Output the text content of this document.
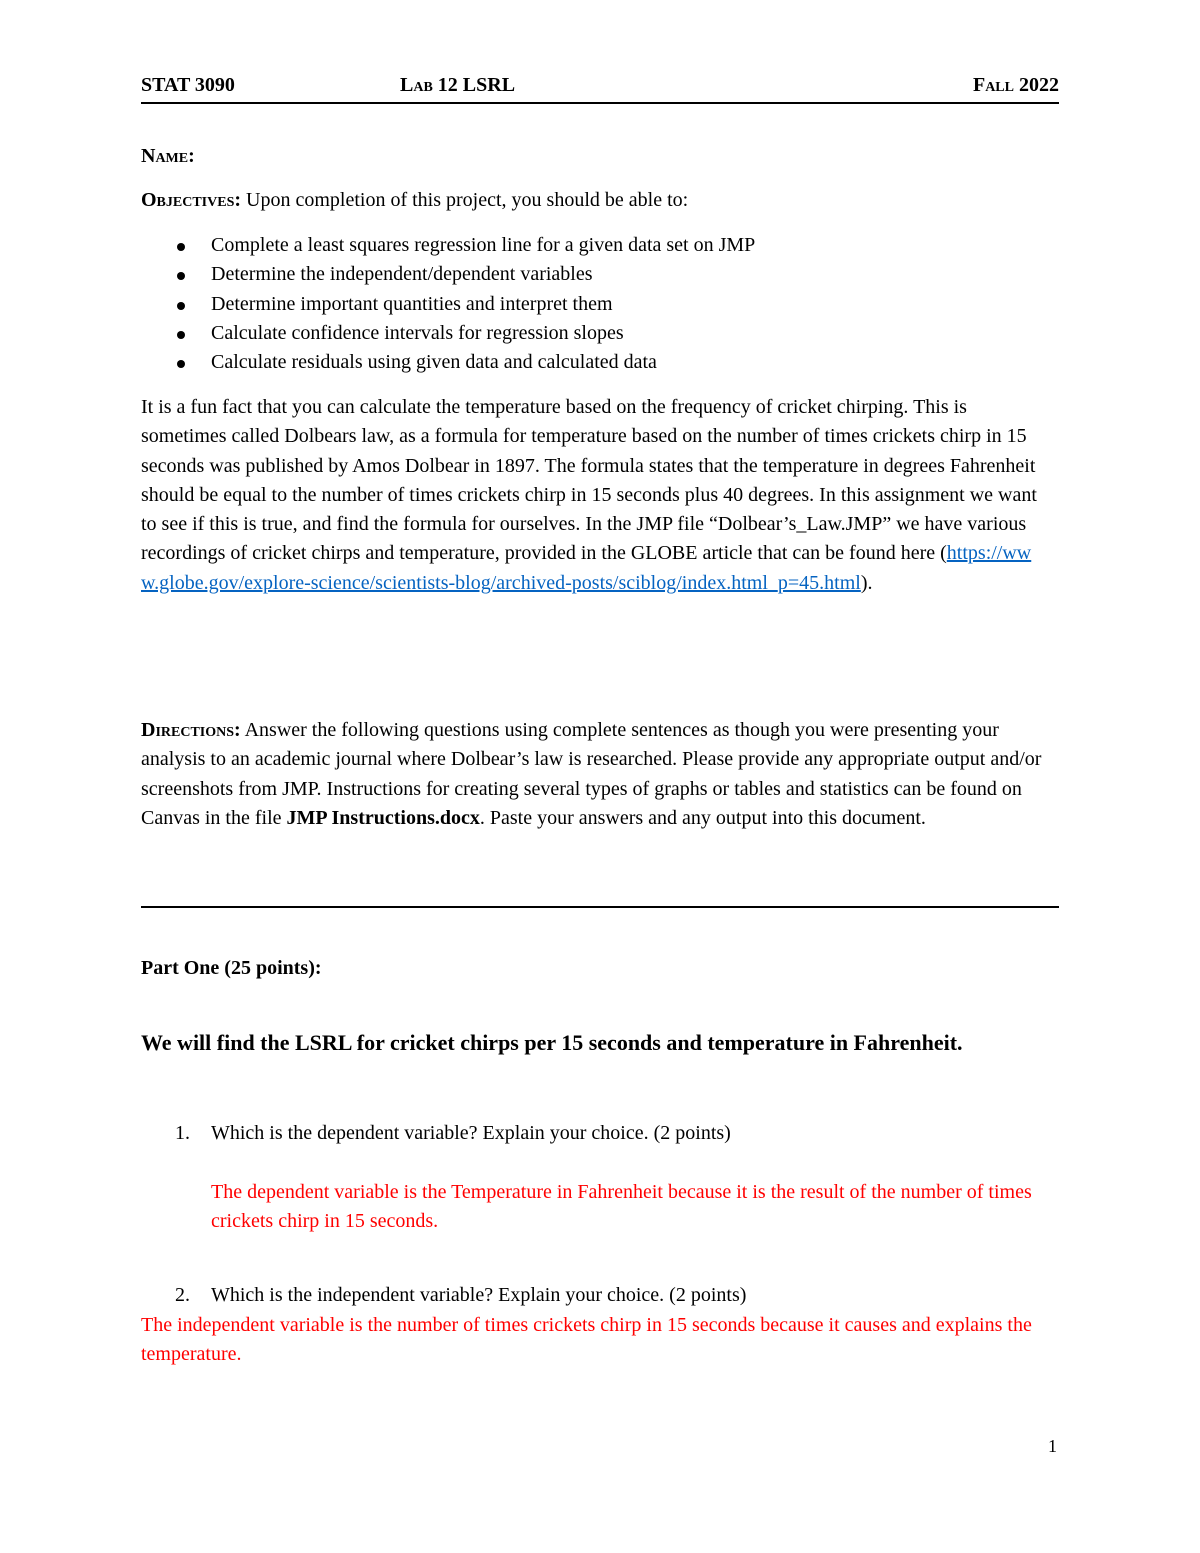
STAT 3090	Lab 12 LSRL	Fall 2022
Name:
Objectives: Upon completion of this project, you should be able to:
Complete a least squares regression line for a given data set on JMP
Determine the independent/dependent variables
Determine important quantities and interpret them
Calculate confidence intervals for regression slopes
Calculate residuals using given data and calculated data
It is a fun fact that you can calculate the temperature based on the frequency of cricket chirping. This is sometimes called Dolbears law, as a formula for temperature based on the number of times crickets chirp in 15 seconds was published by Amos Dolbear in 1897. The formula states that the temperature in degrees Fahrenheit should be equal to the number of times crickets chirp in 15 seconds plus 40 degrees. In this assignment we want to see if this is true, and find the formula for ourselves. In the JMP file “Dolbear’s_Law.JMP” we have various recordings of cricket chirps and temperature, provided in the GLOBE article that can be found here (https://www.globe.gov/explore-science/scientists-blog/archived-posts/sciblog/index.html_p=45.html).
Directions: Answer the following questions using complete sentences as though you were presenting your analysis to an academic journal where Dolbear’s law is researched. Please provide any appropriate output and/or screenshots from JMP. Instructions for creating several types of graphs or tables and statistics can be found on Canvas in the file JMP Instructions.docx. Paste your answers and any output into this document.
Part One (25 points):
We will find the LSRL for cricket chirps per 15 seconds and temperature in Fahrenheit.
1. Which is the dependent variable? Explain your choice. (2 points)
The dependent variable is the Temperature in Fahrenheit because it is the result of the number of times crickets chirp in 15 seconds.
2. Which is the independent variable? Explain your choice. (2 points)
The independent variable is the number of times crickets chirp in 15 seconds because it causes and explains the temperature.
1
